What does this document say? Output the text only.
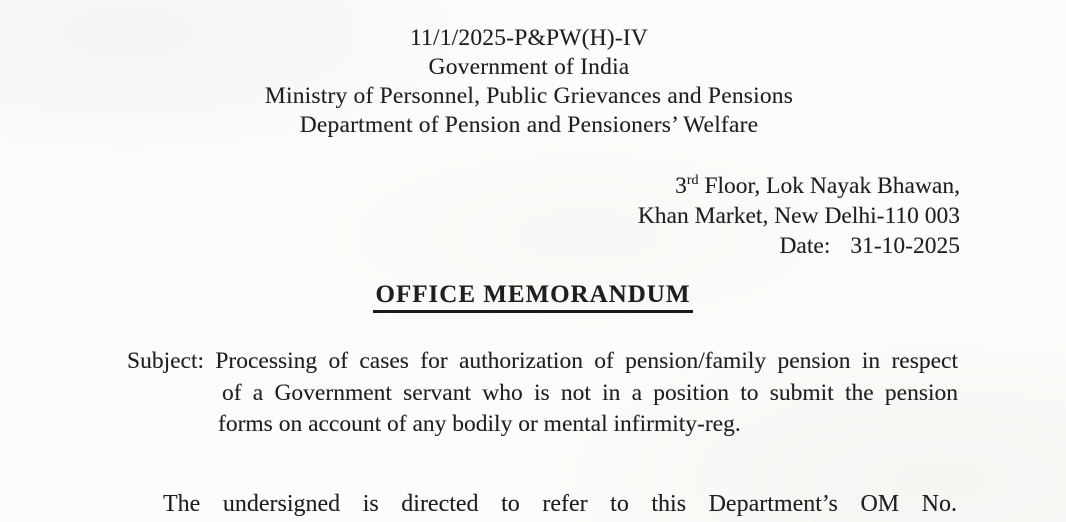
11/1/2025-P&PW(H)-IV
Government of India
Ministry of Personnel, Public Grievances and Pensions
Department of Pension and Pensioners’ Welfare
3rd Floor, Lok Nayak Bhawan,
Khan Market, New Delhi-110 003
Date: 31-10-2025
OFFICE MEMORANDUM
Subject: Processing of cases for authorization of pension/family pension in respect
of a Government servant who is not in a position to submit the pension
forms on account of any bodily or mental infirmity-reg.
The undersigned is directed to refer to this Department’s OM No.
